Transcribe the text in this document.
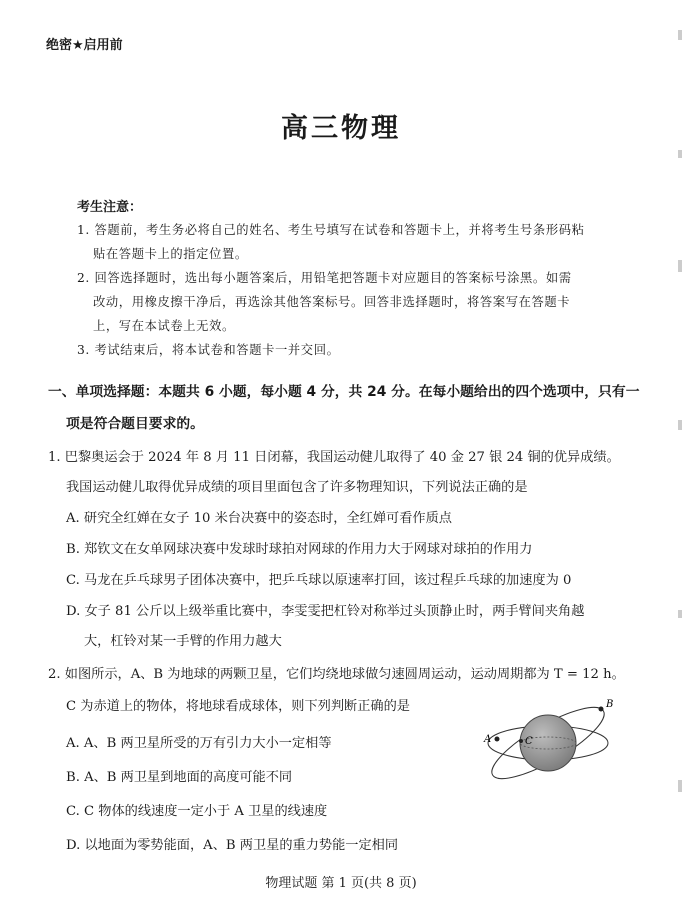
绝密★启用前
高三物理
考生注意：
1. 答题前，考生务必将自己的姓名、考生号填写在试卷和答题卡上，并将考生号条形码粘
贴在答题卡上的指定位置。
2. 回答选择题时，选出每小题答案后，用铅笔把答题卡对应题目的答案标号涂黑。如需
改动，用橡皮擦干净后，再选涂其他答案标号。回答非选择题时，将答案写在答题卡
上，写在本试卷上无效。
3. 考试结束后，将本试卷和答题卡一并交回。
一、单项选择题：本题共 6 小题，每小题 4 分，共 24 分。在每小题给出的四个选项中，只有一
项是符合题目要求的。
1. 巴黎奥运会于 2024 年 8 月 11 日闭幕，我国运动健儿取得了 40 金 27 银 24 铜的优异成绩。
我国运动健儿取得优异成绩的项目里面包含了许多物理知识，下列说法正确的是
A. 研究全红婵在女子 10 米台决赛中的姿态时，全红婵可看作质点
B. 郑钦文在女单网球决赛中发球时球拍对网球的作用力大于网球对球拍的作用力
C. 马龙在乒乓球男子团体决赛中，把乒乓球以原速率打回，该过程乒乓球的加速度为 0
D. 女子 81 公斤以上级举重比赛中，李雯雯把杠铃对称举过头顶静止时，两手臂间夹角越
大，杠铃对某一手臂的作用力越大
2. 如图所示，A、B 为地球的两颗卫星，它们均绕地球做匀速圆周运动，运动周期都为 T = 12 h。
C 为赤道上的物体，将地球看成球体，则下列判断正确的是
A. A、B 两卫星所受的万有引力大小一定相等
B. A、B 两卫星到地面的高度可能不同
C. C 物体的线速度一定小于 A 卫星的线速度
D. 以地面为零势能面，A、B 两卫星的重力势能一定相同
A
B
C
物理试题 第 1 页(共 8 页)
